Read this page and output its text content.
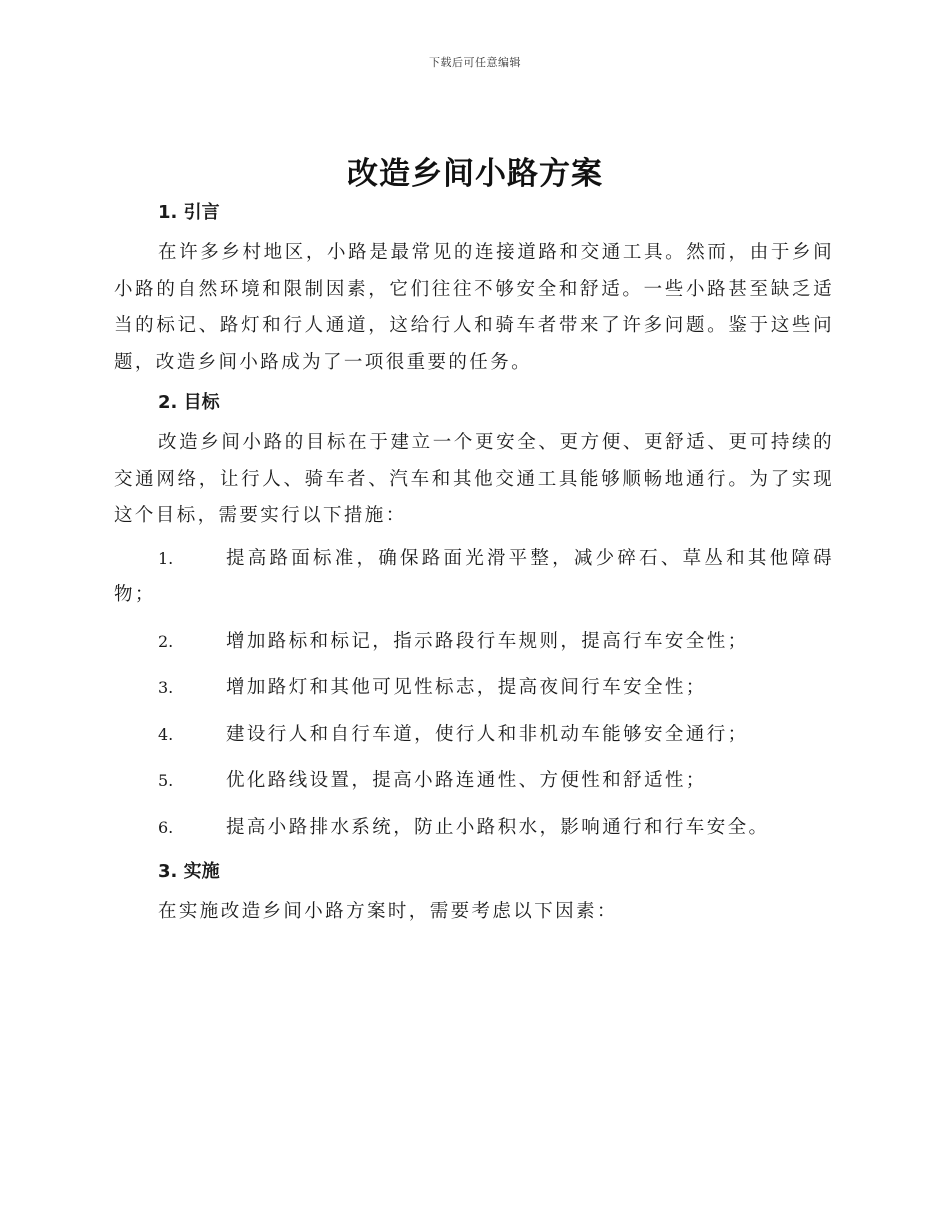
下载后可任意编辑
改造乡间小路方案
1. 引言

在许多乡村地区，小路是最常见的连接道路和交通工具。然而，由于乡间小路的自然环境和限制因素，它们往往不够安全和舒适。一些小路甚至缺乏适当的标记、路灯和行人通道，这给行人和骑车者带来了许多问题。鉴于这些问题，改造乡间小路成为了一项很重要的任务。

2. 目标

改造乡间小路的目标在于建立一个更安全、更方便、更舒适、更可持续的交通网络，让行人、骑车者、汽车和其他交通工具能够顺畅地通行。为了实现这个目标，需要实行以下措施：

1.	提高路面标准，确保路面光滑平整，减少碎石、草丛和其他障碍物；
2.	增加路标和标记，指示路段行车规则，提高行车安全性；
3.	增加路灯和其他可见性标志，提高夜间行车安全性；
4.	建设行人和自行车道，使行人和非机动车能够安全通行；
5.	优化路线设置，提高小路连通性、方便性和舒适性；
6.	提高小路排水系统，防止小路积水，影响通行和行车安全。
3. 实施

在实施改造乡间小路方案时，需要考虑以下因素：
